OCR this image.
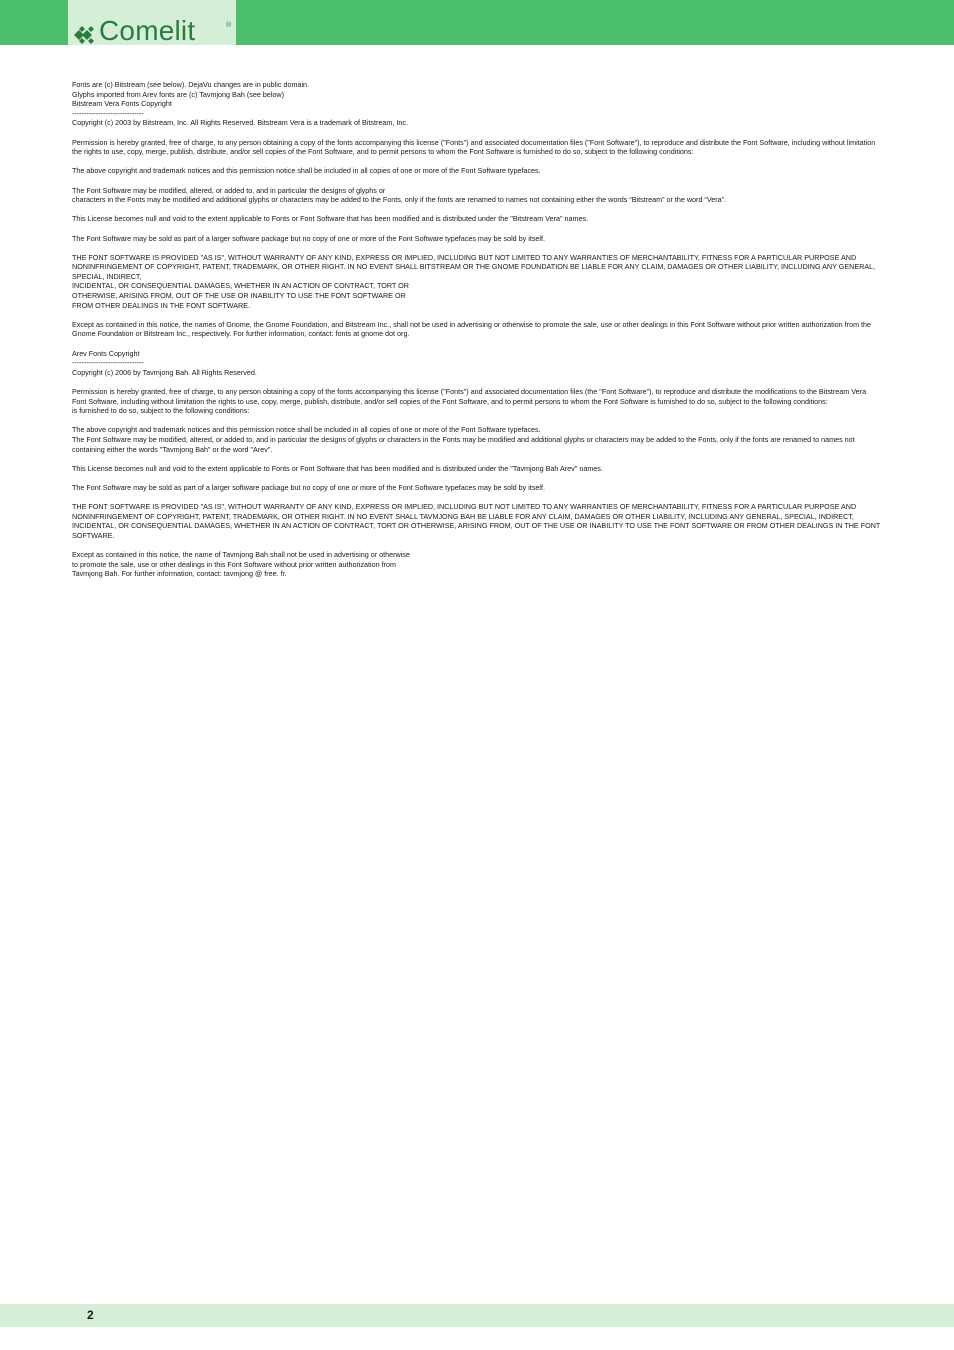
Comelit	®

Fonts are (c) Bitstream (see below). DejaVu changes are in public domain.

Glyphs imported from Arev fonts are (c) Tavmjong Bah (see below)

Bitstream Vera Fonts Copyright

------------------------------

Copyright (c) 2003 by Bitstream, Inc. All Rights Reserved. Bitstream Vera is a trademark of Bitstream, Inc.

Permission is hereby granted, free of charge, to any person obtaining a copy of the fonts accompanying this license ("Fonts") and associated documentation files ("Font Software"), to reproduce and distribute the Font Software, including without limitation the rights to use, copy, merge, publish, distribute, and/or sell copies of the Font Software, and to permit persons to whom the Font Software is furnished to do so, subject to the following conditions:

The above copyright and trademark notices and this permission notice shall be included in all copies of one or more of the Font Software typefaces.

The Font Software may be modified, altered, or added to, and in particular the designs of glyphs or

characters in the Fonts may be modified and additional glyphs or characters may be added to the Fonts, only if the fonts are renamed to names not containing either the words “Bitstream” or the word “Vera”.

This License becomes null and void to the extent applicable to Fonts or Font Software that has been modified and is distributed under the "Bitstream Vera" names.

The Font Software may be sold as part of a larger software package but no copy of one or more of the Font Software typefaces may be sold by itself.

THE FONT SOFTWARE IS PROVIDED "AS IS", WITHOUT WARRANTY OF ANY KIND, EXPRESS OR IMPLIED, INCLUDING BUT NOT LIMITED TO ANY WARRANTIES OF MERCHANTABILITY, FITNESS FOR A PARTICULAR PURPOSE AND NONINFRINGEMENT OF COPYRIGHT, PATENT, TRADEMARK, OR OTHER RIGHT. IN NO EVENT SHALL BITSTREAM OR THE GNOME FOUNDATION BE LIABLE FOR ANY CLAIM, DAMAGES OR OTHER LIABILITY, INCLUDING ANY GENERAL, SPECIAL, INDIRECT,

INCIDENTAL, OR CONSEQUENTIAL DAMAGES, WHETHER IN AN ACTION OF CONTRACT, TORT OR

OTHERWISE, ARISING FROM, OUT OF THE USE OR INABILITY TO USE THE FONT SOFTWARE OR

FROM OTHER DEALINGS IN THE FONT SOFTWARE.

Except as contained in this notice, the names of Gnome, the Gnome Foundation, and Bitstream Inc., shall not be used in advertising or otherwise to promote the sale, use or other dealings in this Font Software without prior written authorization from the Gnome Foundation or Bitstream Inc., respectively. For further information, contact: fonts at gnome dot org.

Arev Fonts Copyright

------------------------------

Copyright (c) 2006 by Tavmjong Bah. All Rights Reserved.

Permission is hereby granted, free of charge, to any person obtaining a copy of the fonts accompanying this license ("Fonts") and associated documentation files (the "Font Software"), to reproduce and distribute the modifications to the Bitstream Vera Font Software, including without limitation the rights to use, copy, merge, publish, distribute, and/or sell copies of the Font Software, and to permit persons to whom the Font Software is furnished to do so, subject to the following conditions:

is furnished to do so, subject to the following conditions:

The above copyright and trademark notices and this permission notice shall be included in all copies of one or more of the Font Software typefaces.

The Font Software may be modified, altered, or added to, and in particular the designs of glyphs or characters in the Fonts may be modified and additional glyphs or characters may be added to the Fonts, only if the fonts are renamed to names not containing either the words "Tavmjong Bah" or the word "Arev".

This License becomes null and void to the extent applicable to Fonts or Font Software that has been modified and is distributed under the "Tavmjong Bah Arev" names.

The Font Software may be sold as part of a larger software package but no copy of one or more of the Font Software typefaces may be sold by itself.

THE FONT SOFTWARE IS PROVIDED "AS IS", WITHOUT WARRANTY OF ANY KIND, EXPRESS OR IMPLIED, INCLUDING BUT NOT LIMITED TO ANY WARRANTIES OF MERCHANTABILITY, FITNESS FOR A PARTICULAR PURPOSE AND NONINFRINGEMENT OF COPYRIGHT, PATENT, TRADEMARK, OR OTHER RIGHT. IN NO EVENT SHALL TAVMJONG BAH BE LIABLE FOR ANY CLAIM, DAMAGES OR OTHER LIABILITY, INCLUDING ANY GENERAL, SPECIAL, INDIRECT, INCIDENTAL, OR CONSEQUENTIAL DAMAGES, WHETHER IN AN ACTION OF CONTRACT, TORT OR OTHERWISE, ARISING FROM, OUT OF THE USE OR INABILITY TO USE THE FONT SOFTWARE OR FROM OTHER DEALINGS IN THE FONT SOFTWARE.

Except as contained in this notice, the name of Tavmjong Bah shall not be used in advertising or otherwise

to promote the sale, use or other dealings in this Font Software without prior written authorization from

Tavmjong Bah. For further information, contact: tavmjong @ free. fr.

2
